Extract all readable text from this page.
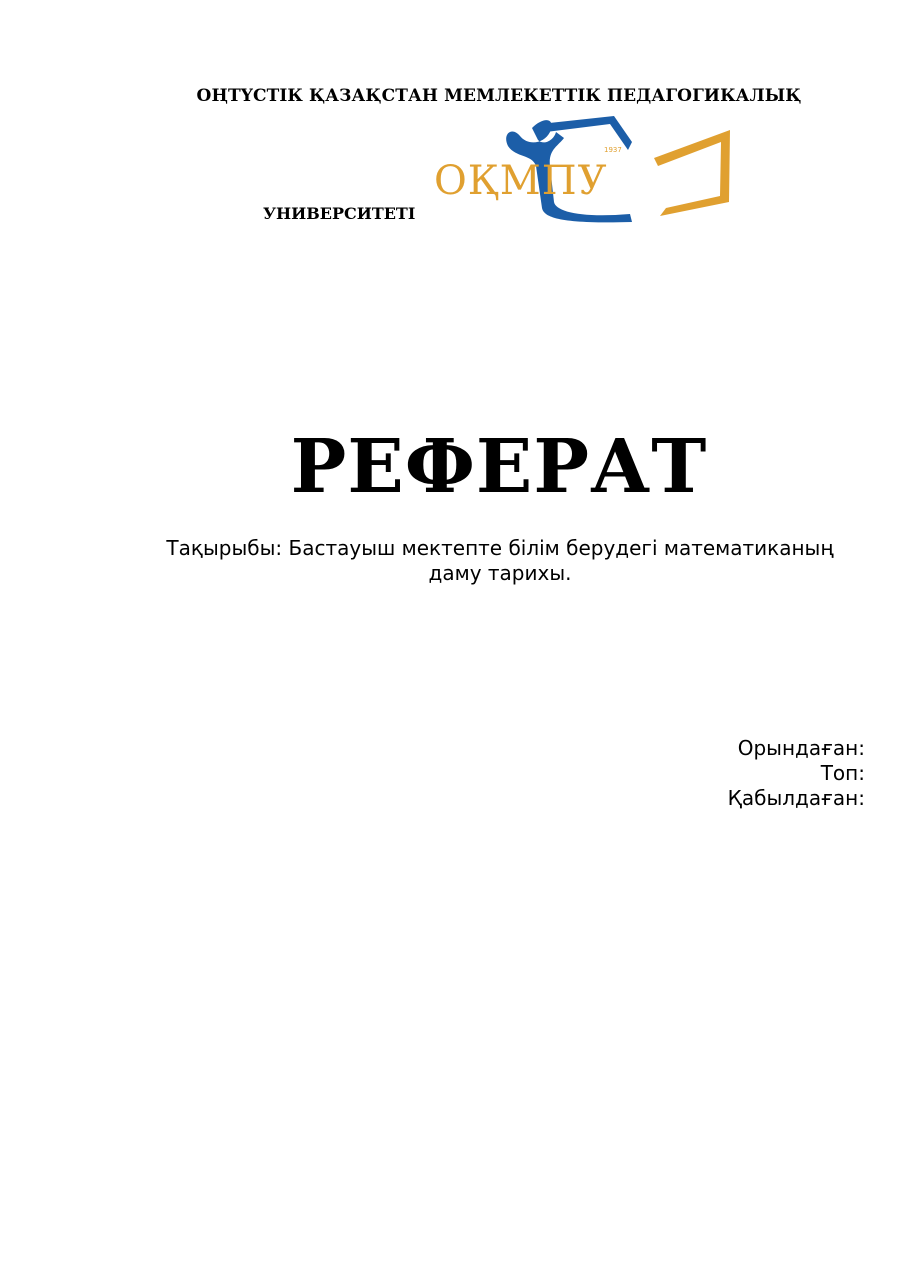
ОҢТҮСТІК ҚАЗАҚСТАН МЕМЛЕКЕТТІК ПЕДАГОГИКАЛЫҚ
ОҚМПУ
1937
УНИВЕРСИТЕТІ
РЕФЕРАТ
Тақырыбы: Бастауыш мектепте білім берудегі математиканың
даму тарихы.
Орындаған:
Топ:
Қабылдаған:
